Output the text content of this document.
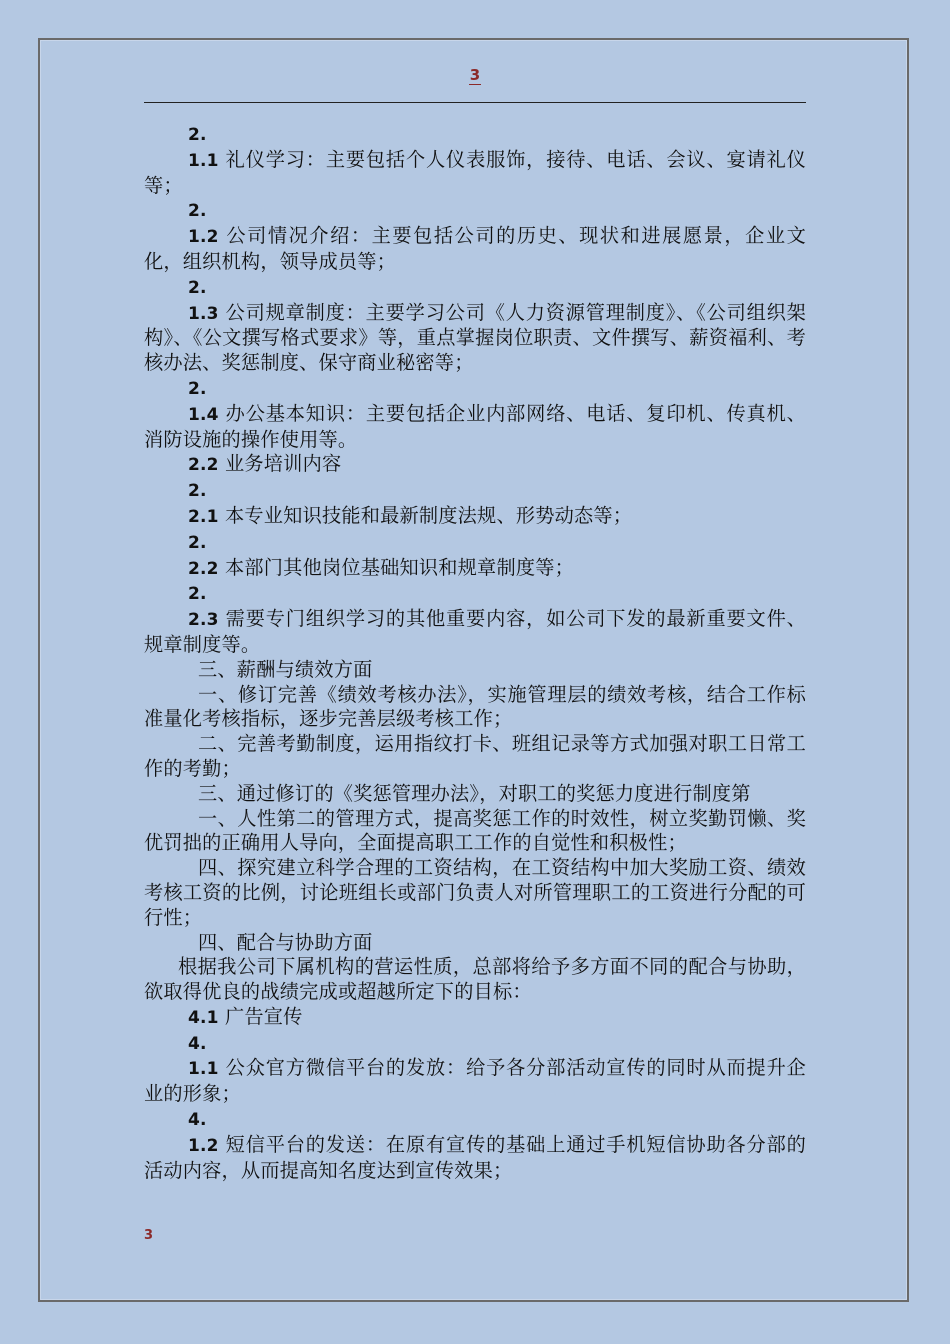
3

2.

1.1 礼仪学习：主要包括个人仪表服饰，接待、电话、会议、宴请礼仪等；

2.

1.2 公司情况介绍：主要包括公司的历史、现状和进展愿景，企业文化，组织机构，领导成员等；

2.

1.3 公司规章制度：主要学习公司《人力资源管理制度》、《公司组织架构》、《公文撰写格式要求》等，重点掌握岗位职责、文件撰写、薪资福利、考核办法、奖惩制度、保守商业秘密等；

2.

1.4 办公基本知识：主要包括企业内部网络、电话、复印机、传真机、消防设施的操作使用等。

2.2 业务培训内容

2.

2.1 本专业知识技能和最新制度法规、形势动态等；

2.

2.2 本部门其他岗位基础知识和规章制度等；

2.

2.3 需要专门组织学习的其他重要内容，如公司下发的最新重要文件、规章制度等。

三、薪酬与绩效方面

一、修订完善《绩效考核办法》，实施管理层的绩效考核，结合工作标准量化考核指标，逐步完善层级考核工作；

二、完善考勤制度，运用指纹打卡、班组记录等方式加强对职工日常工作的考勤；

三、通过修订的《奖惩管理办法》，对职工的奖惩力度进行制度第

一、人性第二的管理方式，提高奖惩工作的时效性，树立奖勤罚懒、奖优罚拙的正确用人导向，全面提高职工工作的自觉性和积极性；

四、探究建立科学合理的工资结构，在工资结构中加大奖励工资、绩效考核工资的比例，讨论班组长或部门负责人对所管理职工的工资进行分配的可行性；

四、配合与协助方面

根据我公司下属机构的营运性质，总部将给予多方面不同的配合与协助，欲取得优良的战绩完成或超越所定下的目标：

4.1 广告宣传

4.

1.1 公众官方微信平台的发放：给予各分部活动宣传的同时从而提升企业的形象；

4.

1.2 短信平台的发送：在原有宣传的基础上通过手机短信协助各分部的活动内容，从而提高知名度达到宣传效果；

3
